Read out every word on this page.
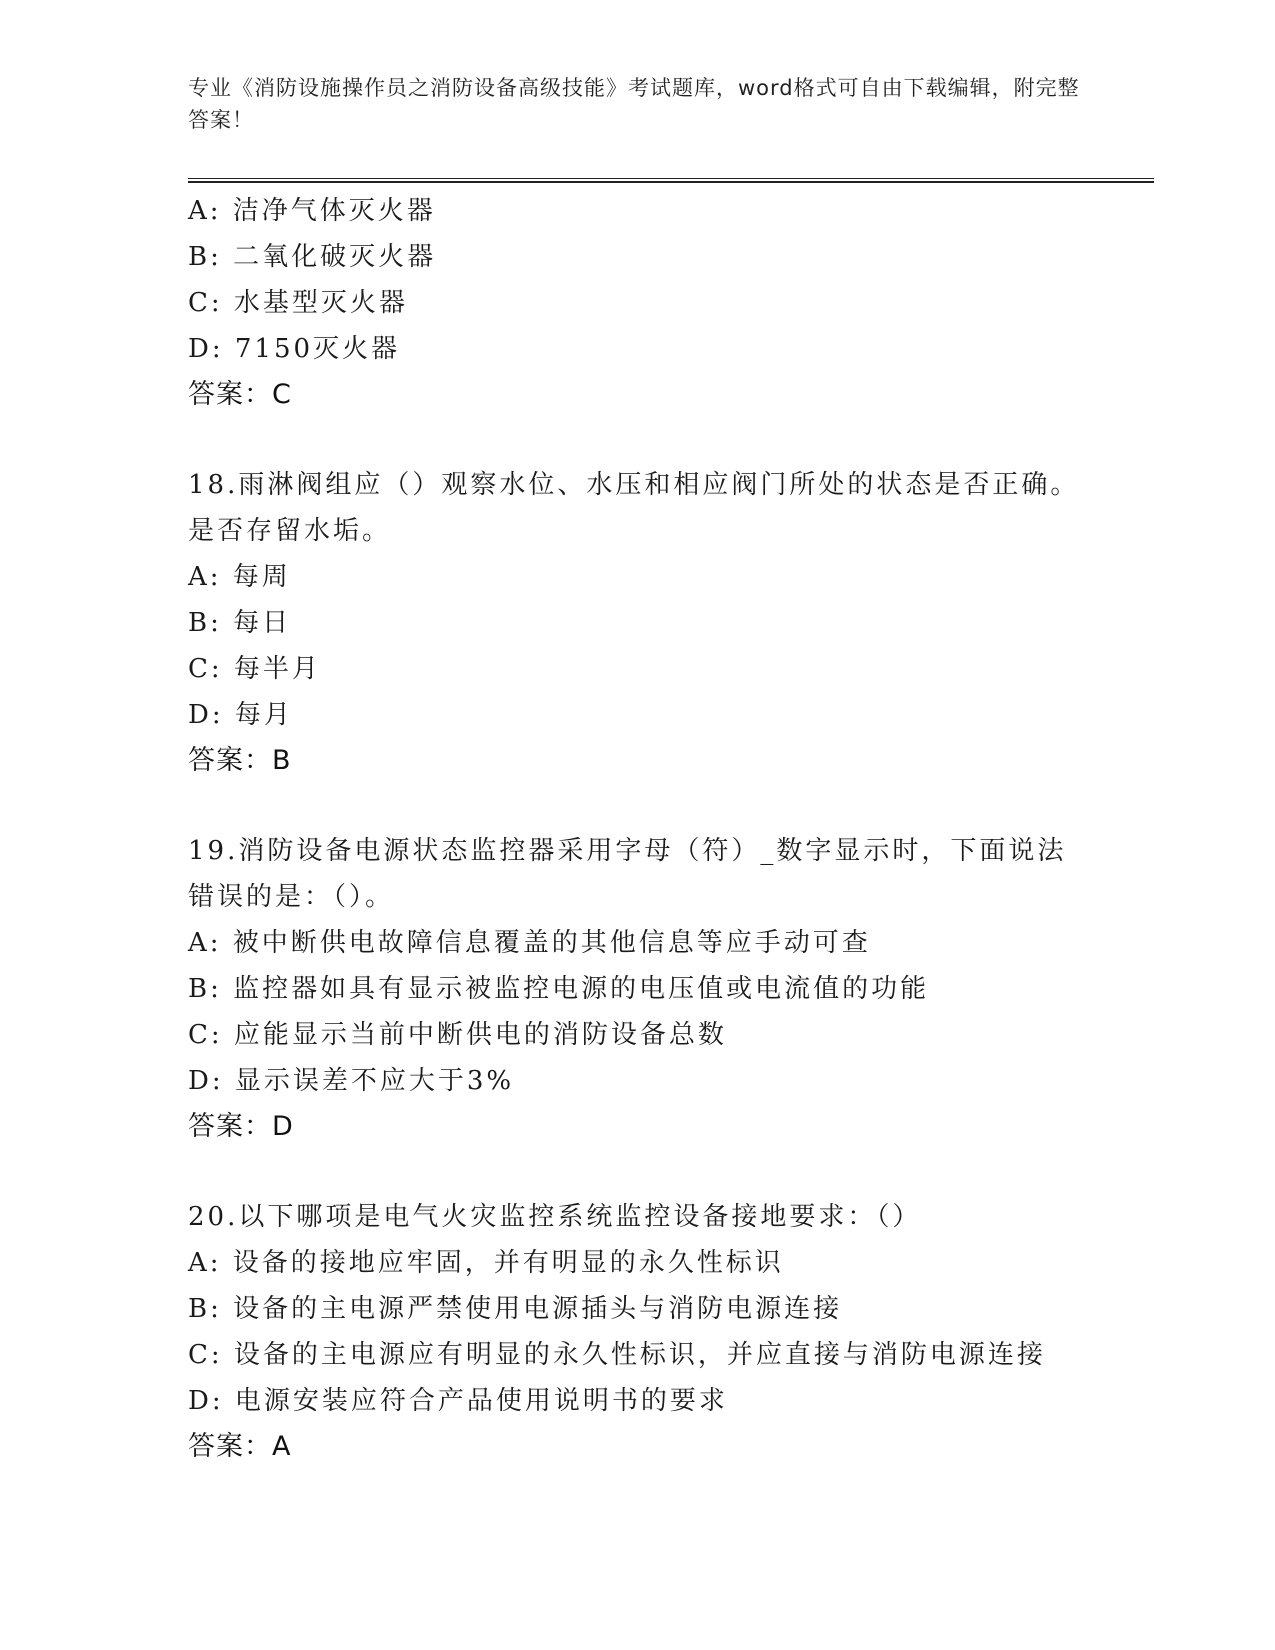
专业《消防设施操作员之消防设备高级技能》考试题库，word格式可自由下载编辑，附完整答案！
A: 洁净气体灭火器
B: 二氧化破灭火器
C: 水基型灭火器
D: 7150灭火器
答案：C
18.雨淋阀组应（）观察水位、水压和相应阀门所处的状态是否正确。
是否存留水垢。
A: 每周
B: 每日
C: 每半月
D: 每月
答案：B
19.消防设备电源状态监控器采用字母（符）_数字显示时，下面说法
错误的是：（）。
A: 被中断供电故障信息覆盖的其他信息等应手动可查
B: 监控器如具有显示被监控电源的电压值或电流值的功能
C: 应能显示当前中断供电的消防设备总数
D: 显示误差不应大于3%
答案：D
20.以下哪项是电气火灾监控系统监控设备接地要求：（）
A: 设备的接地应牢固，并有明显的永久性标识
B: 设备的主电源严禁使用电源插头与消防电源连接
C: 设备的主电源应有明显的永久性标识，并应直接与消防电源连接
D: 电源安装应符合产品使用说明书的要求
答案：A
